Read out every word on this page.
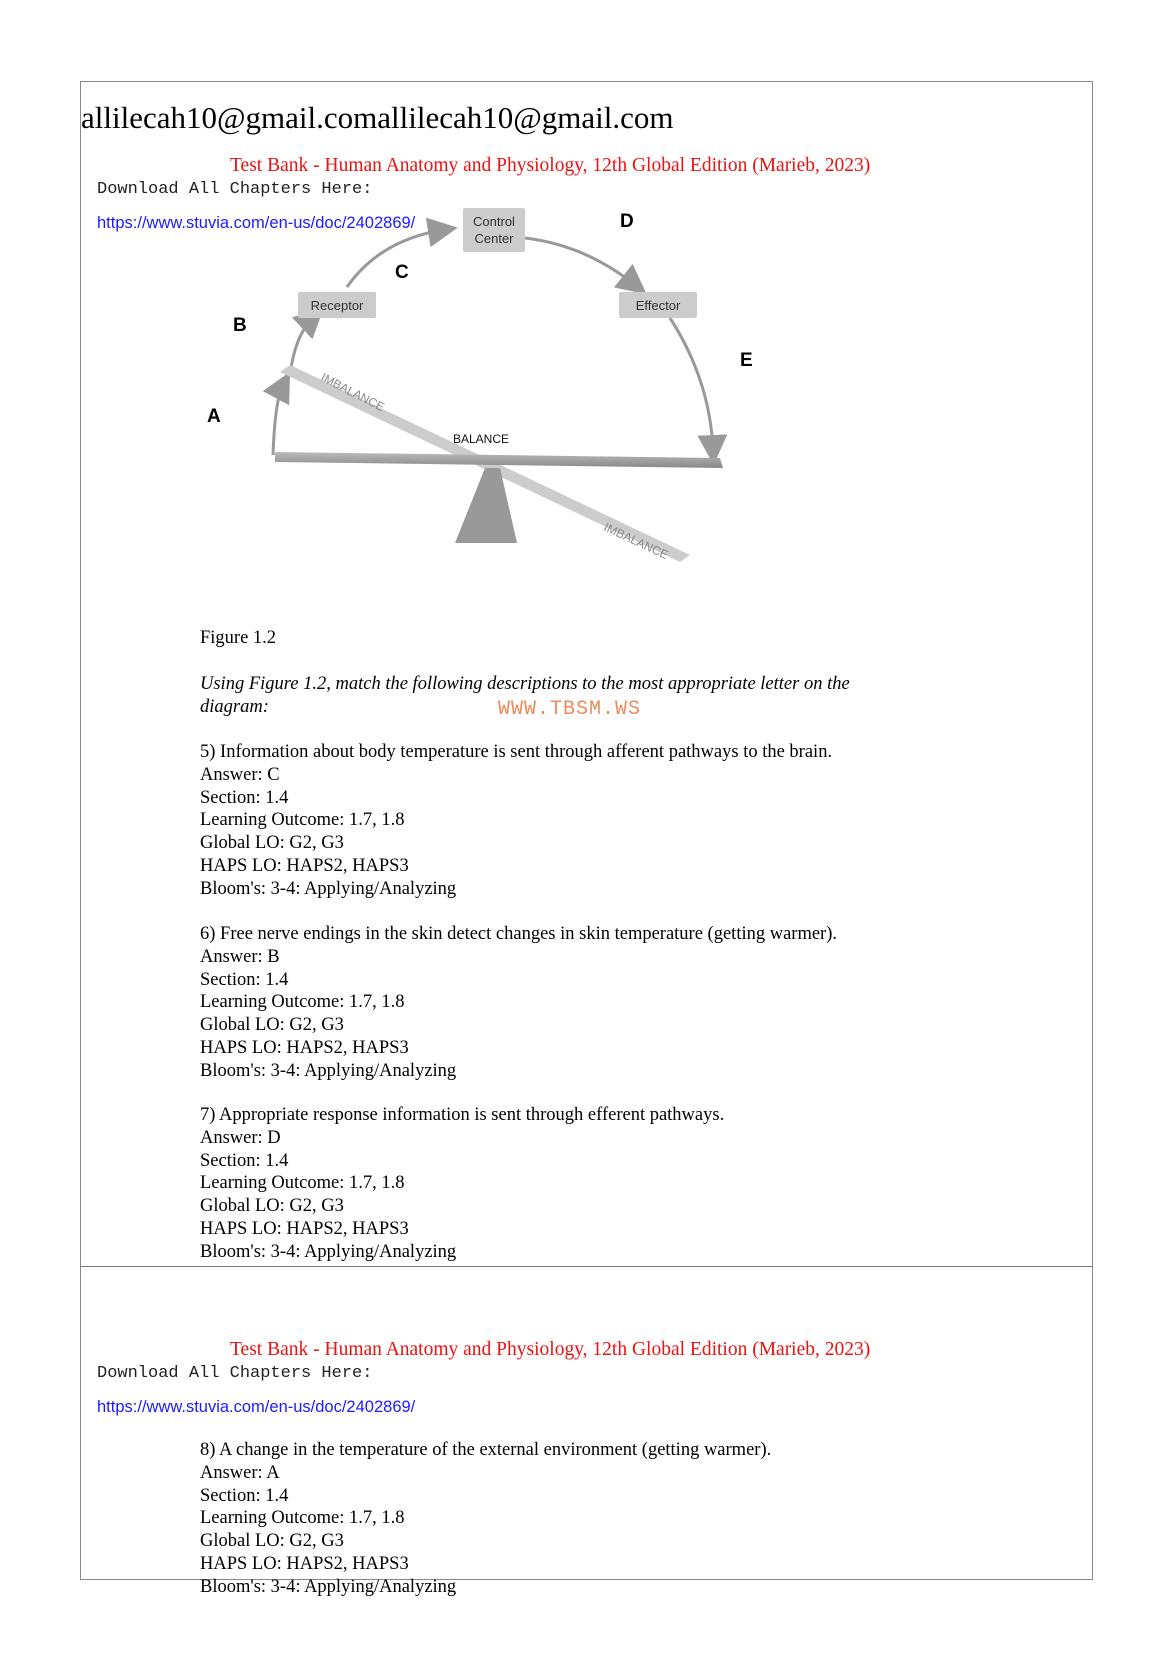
allilecah10@gmail.comallilecah10@gmail.com
Test Bank - Human Anatomy and Physiology, 12th Global Edition (Marieb, 2023)
Download All Chapters Here:
https://www.stuvia.com/en-us/doc/2402869/
Receptor
Control
Center
Effector
BALANCE
IMBALANCE
IMBALANCE
A
B
C
D
E
Figure 1.2
Using Figure 1.2, match the following descriptions to the most appropriate letter on the
diagram:	WWW.TBSM.WS
5) Information about body temperature is sent through afferent pathways to the brain.
Answer: C
Section: 1.4
Learning Outcome: 1.7, 1.8
Global LO: G2, G3
HAPS LO: HAPS2, HAPS3
Bloom's: 3-4: Applying/Analyzing
6) Free nerve endings in the skin detect changes in skin temperature (getting warmer).
Answer: B
Section: 1.4
Learning Outcome: 1.7, 1.8
Global LO: G2, G3
HAPS LO: HAPS2, HAPS3
Bloom's: 3-4: Applying/Analyzing
7) Appropriate response information is sent through efferent pathways.
Answer: D
Section: 1.4
Learning Outcome: 1.7, 1.8
Global LO: G2, G3
HAPS LO: HAPS2, HAPS3
Bloom's: 3-4: Applying/Analyzing
Test Bank - Human Anatomy and Physiology, 12th Global Edition (Marieb, 2023)
Download All Chapters Here:
https://www.stuvia.com/en-us/doc/2402869/
8) A change in the temperature of the external environment (getting warmer).
Answer: A
Section: 1.4
Learning Outcome: 1.7, 1.8
Global LO: G2, G3
HAPS LO: HAPS2, HAPS3
Bloom's: 3-4: Applying/Analyzing
